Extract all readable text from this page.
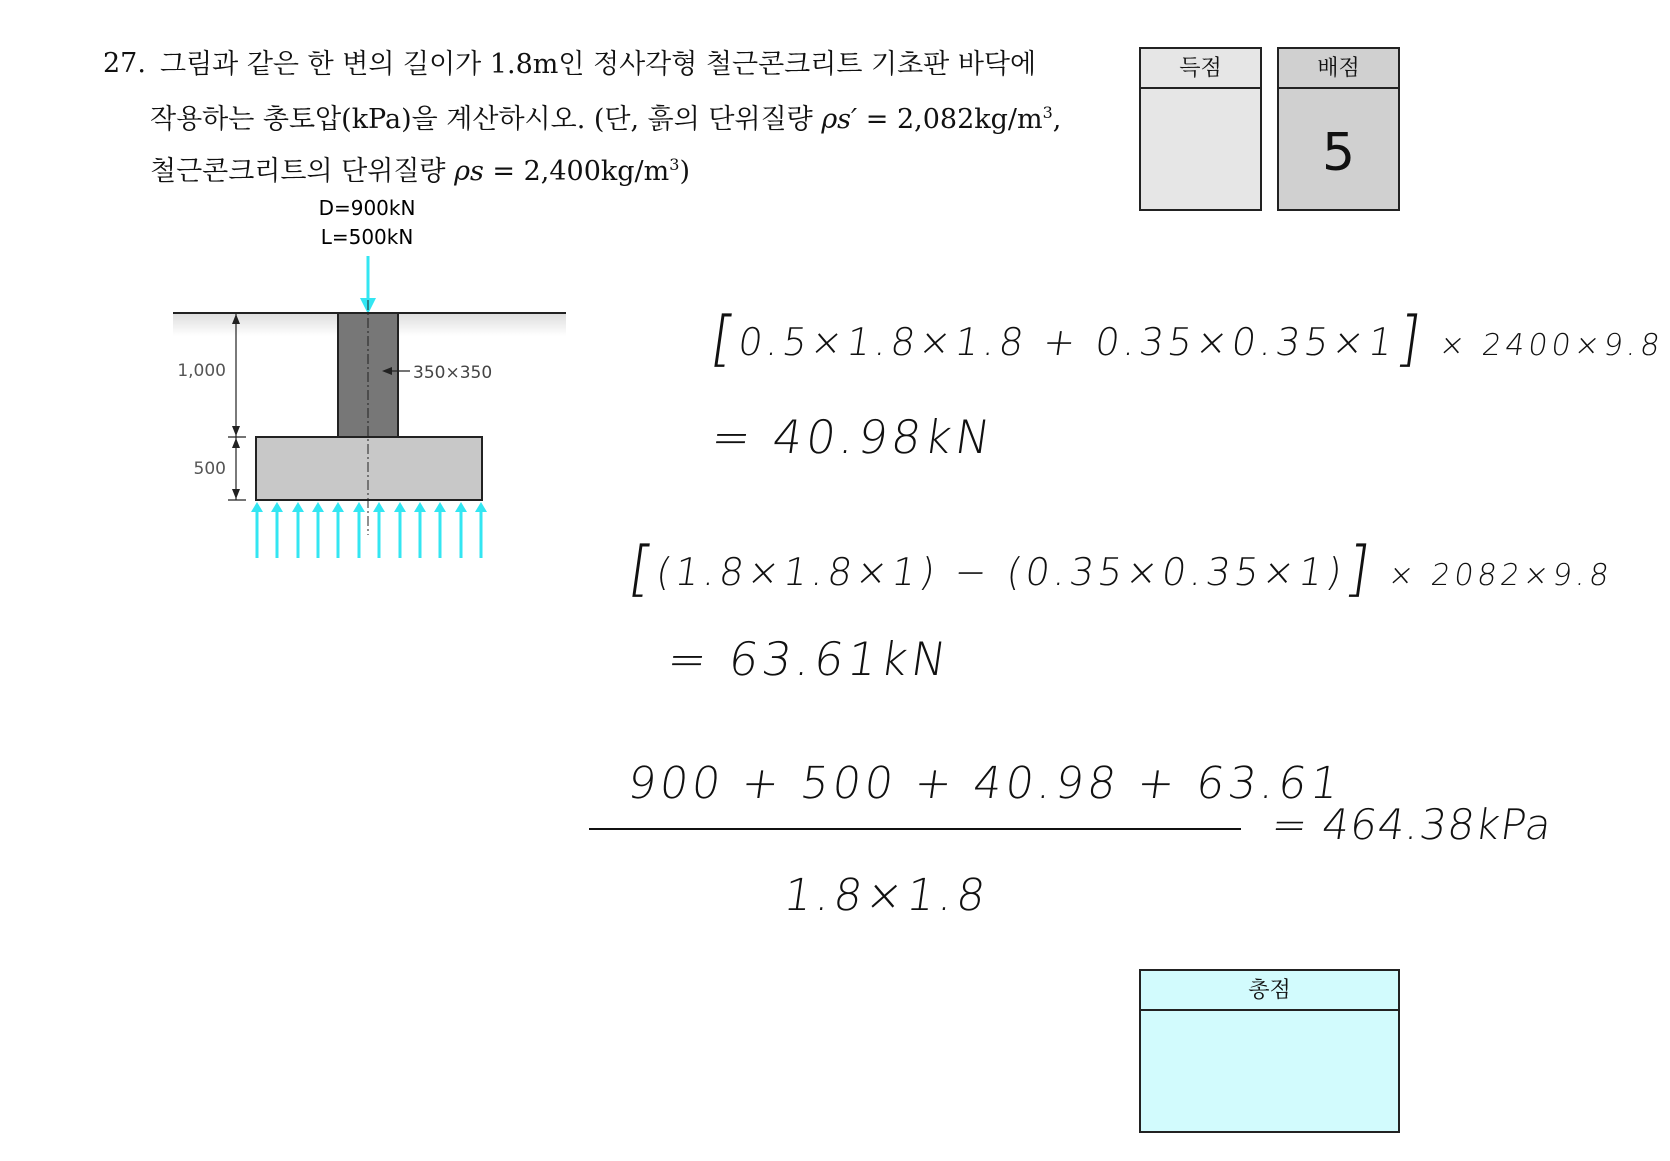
27. 그림과 같은 한 변의 길이가 1.8m인 정사각형 철근콘크리트 기초판 바닥에
작용하는 총토압(kPa)을 계산하시오. (단, 흙의 단위질량 $\rho s' = 2,082kg/m^3$,
철근콘크리트의 단위질량 $\rho s = 2,400kg/m^3$)
득점	배점
5
총점
D=900kN
L=500kN
350×350
1,000
500
[0.5×1.8×1.8 + 0.35×0.35×1] × 2400×9.8
= 40.98kN
[(1.8×1.8×1) − (0.35×0.35×1)] × 2082×9.8
= 63.61kN
900 + 500 + 40.98 + 63.61
1.8×1.8
= 464.38kPa
